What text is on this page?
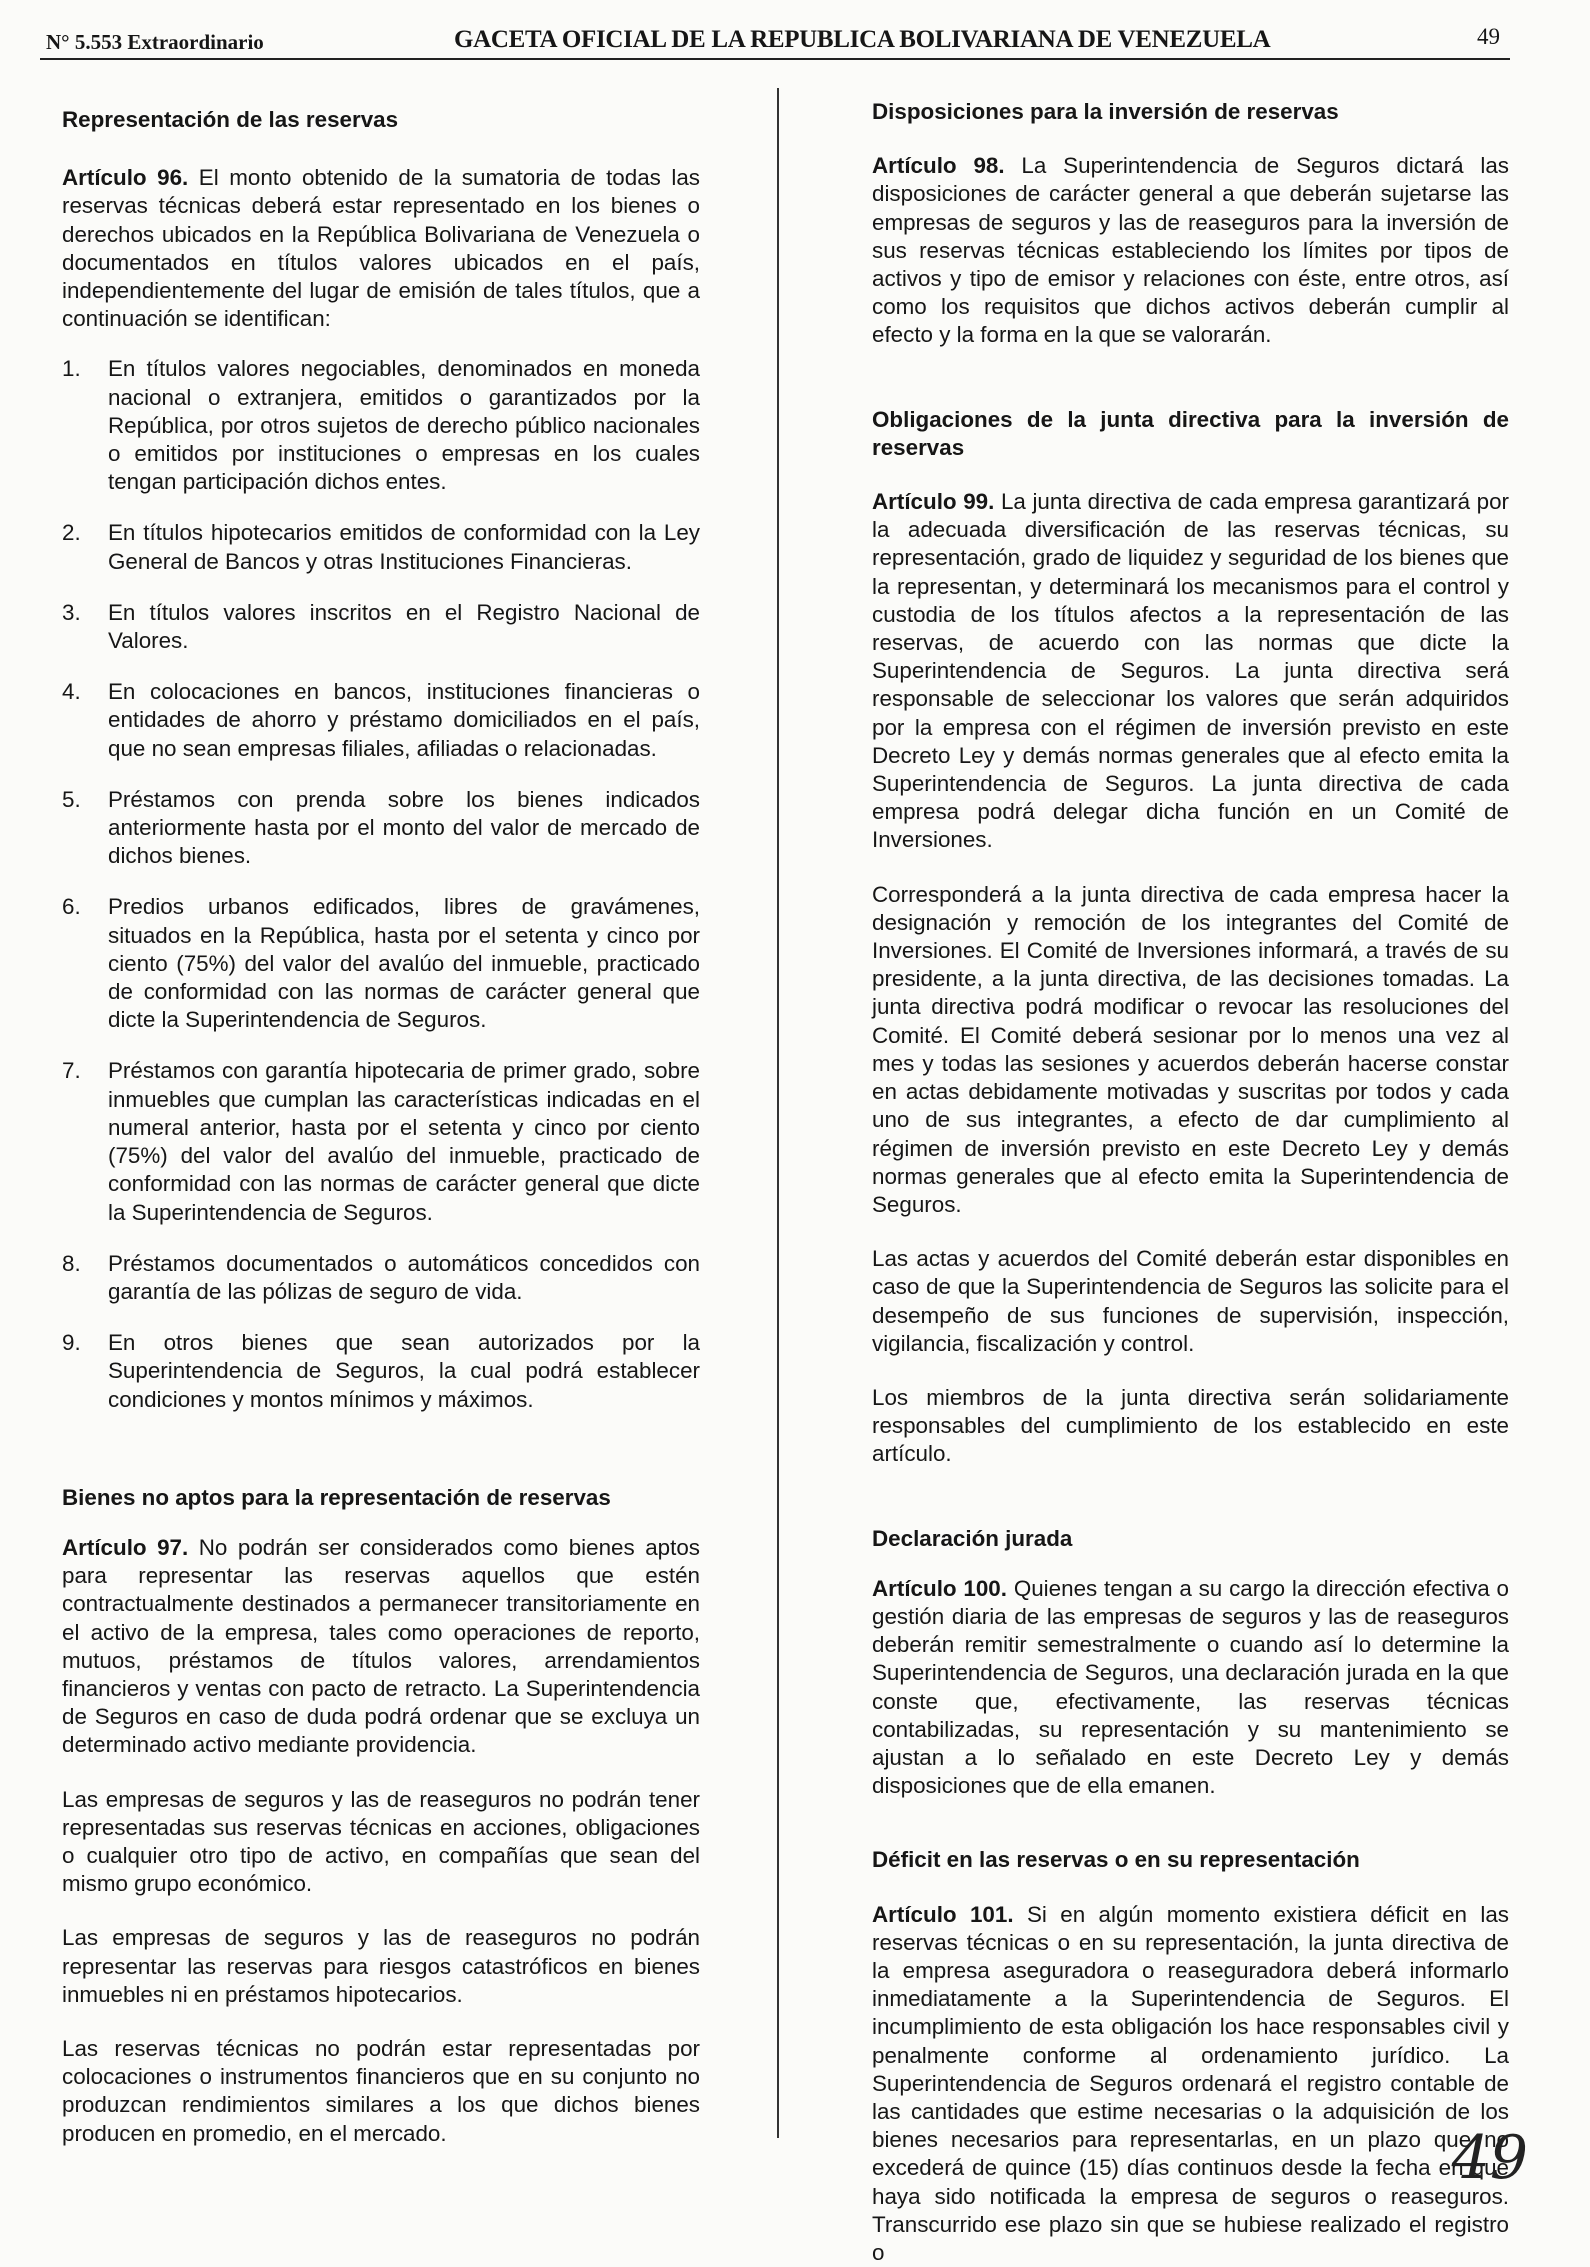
N° 5.553 Extraordinario	GACETA OFICIAL DE LA REPUBLICA BOLIVARIANA DE VENEZUELA	49

Representación de las reservas

Artículo 96. El monto obtenido de la sumatoria de todas las reservas técnicas deberá estar representado en los bienes o derechos ubicados en la República Bolivariana de Venezuela o documentados en títulos valores ubicados en el país, independientemente del lugar de emisión de tales títulos, que a continuación se identifican:

1. En títulos valores negociables, denominados en moneda nacional o extranjera, emitidos o garantizados por la República, por otros sujetos de derecho público nacionales o emitidos por instituciones o empresas en los cuales tengan participación dichos entes.
2. En títulos hipotecarios emitidos de conformidad con la Ley General de Bancos y otras Instituciones Financieras.
3. En títulos valores inscritos en el Registro Nacional de Valores.
4. En colocaciones en bancos, instituciones financieras o entidades de ahorro y préstamo domiciliados en el país, que no sean empresas filiales, afiliadas o relacionadas.
5. Préstamos con prenda sobre los bienes indicados anteriormente hasta por el monto del valor de mercado de dichos bienes.
6. Predios urbanos edificados, libres de gravámenes, situados en la República, hasta por el setenta y cinco por ciento (75%) del valor del avalúo del inmueble, practicado de conformidad con las normas de carácter general que dicte la Superintendencia de Seguros.
7. Préstamos con garantía hipotecaria de primer grado, sobre inmuebles que cumplan las características indicadas en el numeral anterior, hasta por el setenta y cinco por ciento (75%) del valor del avalúo del inmueble, practicado de conformidad con las normas de carácter general que dicte la Superintendencia de Seguros.
8. Préstamos documentados o automáticos concedidos con garantía de las pólizas de seguro de vida.
9. En otros bienes que sean autorizados por la Superintendencia de Seguros, la cual podrá establecer condiciones y montos mínimos y máximos.

Bienes no aptos para la representación de reservas

Artículo 97. No podrán ser considerados como bienes aptos para representar las reservas aquellos que estén contractualmente destinados a permanecer transitoriamente en el activo de la empresa, tales como operaciones de reporto, mutuos, préstamos de títulos valores, arrendamientos financieros y ventas con pacto de retracto. La Superintendencia de Seguros en caso de duda podrá ordenar que se excluya un determinado activo mediante providencia.

Las empresas de seguros y las de reaseguros no podrán tener representadas sus reservas técnicas en acciones, obligaciones o cualquier otro tipo de activo, en compañías que sean del mismo grupo económico.

Las empresas de seguros y las de reaseguros no podrán representar las reservas para riesgos catastróficos en bienes inmuebles ni en préstamos hipotecarios.

Las reservas técnicas no podrán estar representadas por colocaciones o instrumentos financieros que en su conjunto no produzcan rendimientos similares a los que dichos bienes producen en promedio, en el mercado.

Disposiciones para la inversión de reservas

Artículo 98. La Superintendencia de Seguros dictará las disposiciones de carácter general a que deberán sujetarse las empresas de seguros y las de reaseguros para la inversión de sus reservas técnicas estableciendo los límites por tipos de activos y tipo de emisor y relaciones con éste, entre otros, así como los requisitos que dichos activos deberán cumplir al efecto y la forma en la que se valorarán.

Obligaciones de la junta directiva para la inversión de reservas

Artículo 99. La junta directiva de cada empresa garantizará por la adecuada diversificación de las reservas técnicas, su representación, grado de liquidez y seguridad de los bienes que la representan, y determinará los mecanismos para el control y custodia de los títulos afectos a la representación de las reservas, de acuerdo con las normas que dicte la Superintendencia de Seguros. La junta directiva será responsable de seleccionar los valores que serán adquiridos por la empresa con el régimen de inversión previsto en este Decreto Ley y demás normas generales que al efecto emita la Superintendencia de Seguros. La junta directiva de cada empresa podrá delegar dicha función en un Comité de Inversiones.

Corresponderá a la junta directiva de cada empresa hacer la designación y remoción de los integrantes del Comité de Inversiones. El Comité de Inversiones informará, a través de su presidente, a la junta directiva, de las decisiones tomadas. La junta directiva podrá modificar o revocar las resoluciones del Comité. El Comité deberá sesionar por lo menos una vez al mes y todas las sesiones y acuerdos deberán hacerse constar en actas debidamente motivadas y suscritas por todos y cada uno de sus integrantes, a efecto de dar cumplimiento al régimen de inversión previsto en este Decreto Ley y demás normas generales que al efecto emita la Superintendencia de Seguros.

Las actas y acuerdos del Comité deberán estar disponibles en caso de que la Superintendencia de Seguros las solicite para el desempeño de sus funciones de supervisión, inspección, vigilancia, fiscalización y control.

Los miembros de la junta directiva serán solidariamente responsables del cumplimiento de los establecido en este artículo.

Declaración jurada

Artículo 100. Quienes tengan a su cargo la dirección efectiva o gestión diaria de las empresas de seguros y las de reaseguros deberán remitir semestralmente o cuando así lo determine la Superintendencia de Seguros, una declaración jurada en la que conste que, efectivamente, las reservas técnicas contabilizadas, su representación y su mantenimiento se ajustan a lo señalado en este Decreto Ley y demás disposiciones que de ella emanen.

Déficit en las reservas o en su representación

Artículo 101. Si en algún momento existiera déficit en las reservas técnicas o en su representación, la junta directiva de la empresa aseguradora o reaseguradora deberá informarlo inmediatamente a la Superintendencia de Seguros. El incumplimiento de esta obligación los hace responsables civil y penalmente conforme al ordenamiento jurídico. La Superintendencia de Seguros ordenará el registro contable de las cantidades que estime necesarias o la adquisición de los bienes necesarios para representarlas, en un plazo que no excederá de quince (15) días continuos desde la fecha en que haya sido notificada la empresa de seguros o reaseguros. Transcurrido ese plazo sin que se hubiese realizado el registro o

49
